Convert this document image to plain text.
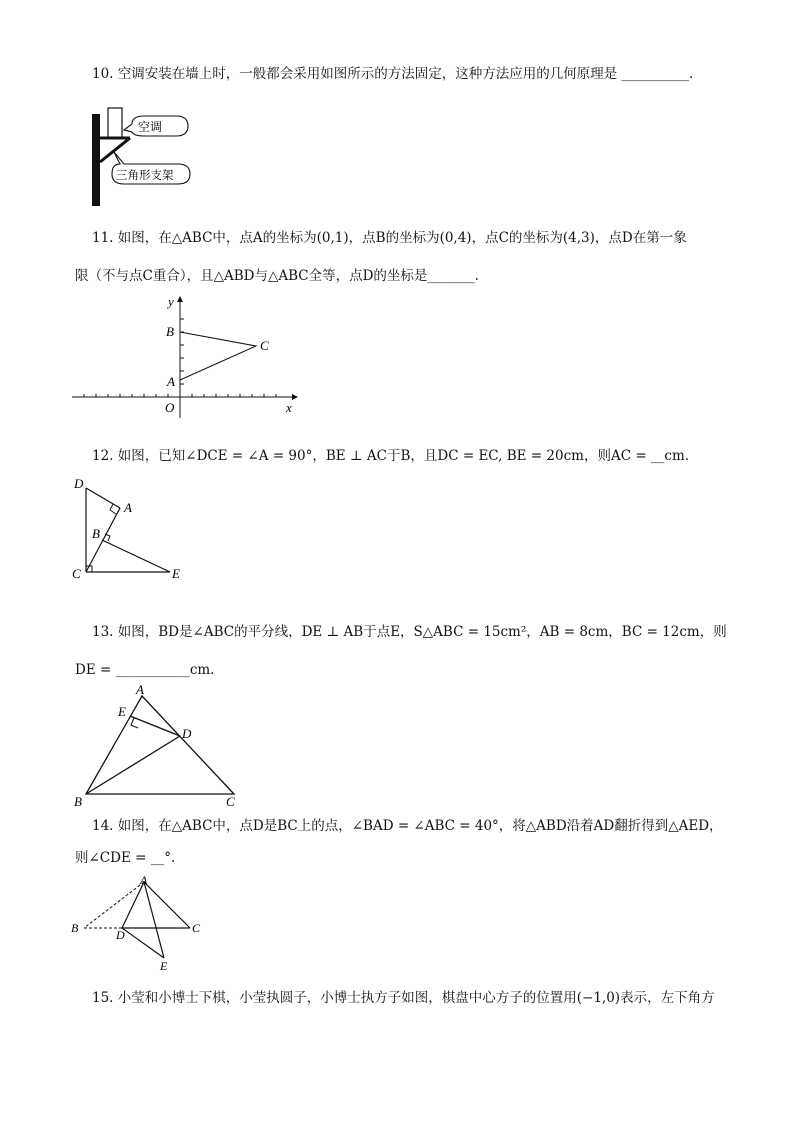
10. 空调安装在墙上时，一般都会采用如图所示的方法固定，这种方法应用的几何原理是 __________.
空调
三角形支架
11. 如图，在△ABC中，点A的坐标为(0,1)，点B的坐标为(0,4)，点C的坐标为(4,3)，点D在第一象
限（不与点C重合），且△ABD与△ABC全等，点D的坐标是_______.
y
x
O
A
B
C
12. 如图，已知∠DCE = ∠A = 90°，BE ⊥ AC于B，且DC = EC, BE = 20cm，则AC = __cm.
D
A
B
C	E
13. 如图，BD是∠ABC的平分线，DE ⊥ AB于点E，S△ABC = 15cm²，AB = 8cm，BC = 12cm，则
DE = ___________cm.
A
E
D
B	C
14. 如图，在△ABC中，点D是BC上的点，∠BAD = ∠ABC = 40°，将△ABD沿着AD翻折得到△AED，
则∠CDE = __°.
A
B	D	C
E
15. 小莹和小博士下棋，小莹执圆子，小博士执方子如图，棋盘中心方子的位置用(−1,0)表示，左下角方
